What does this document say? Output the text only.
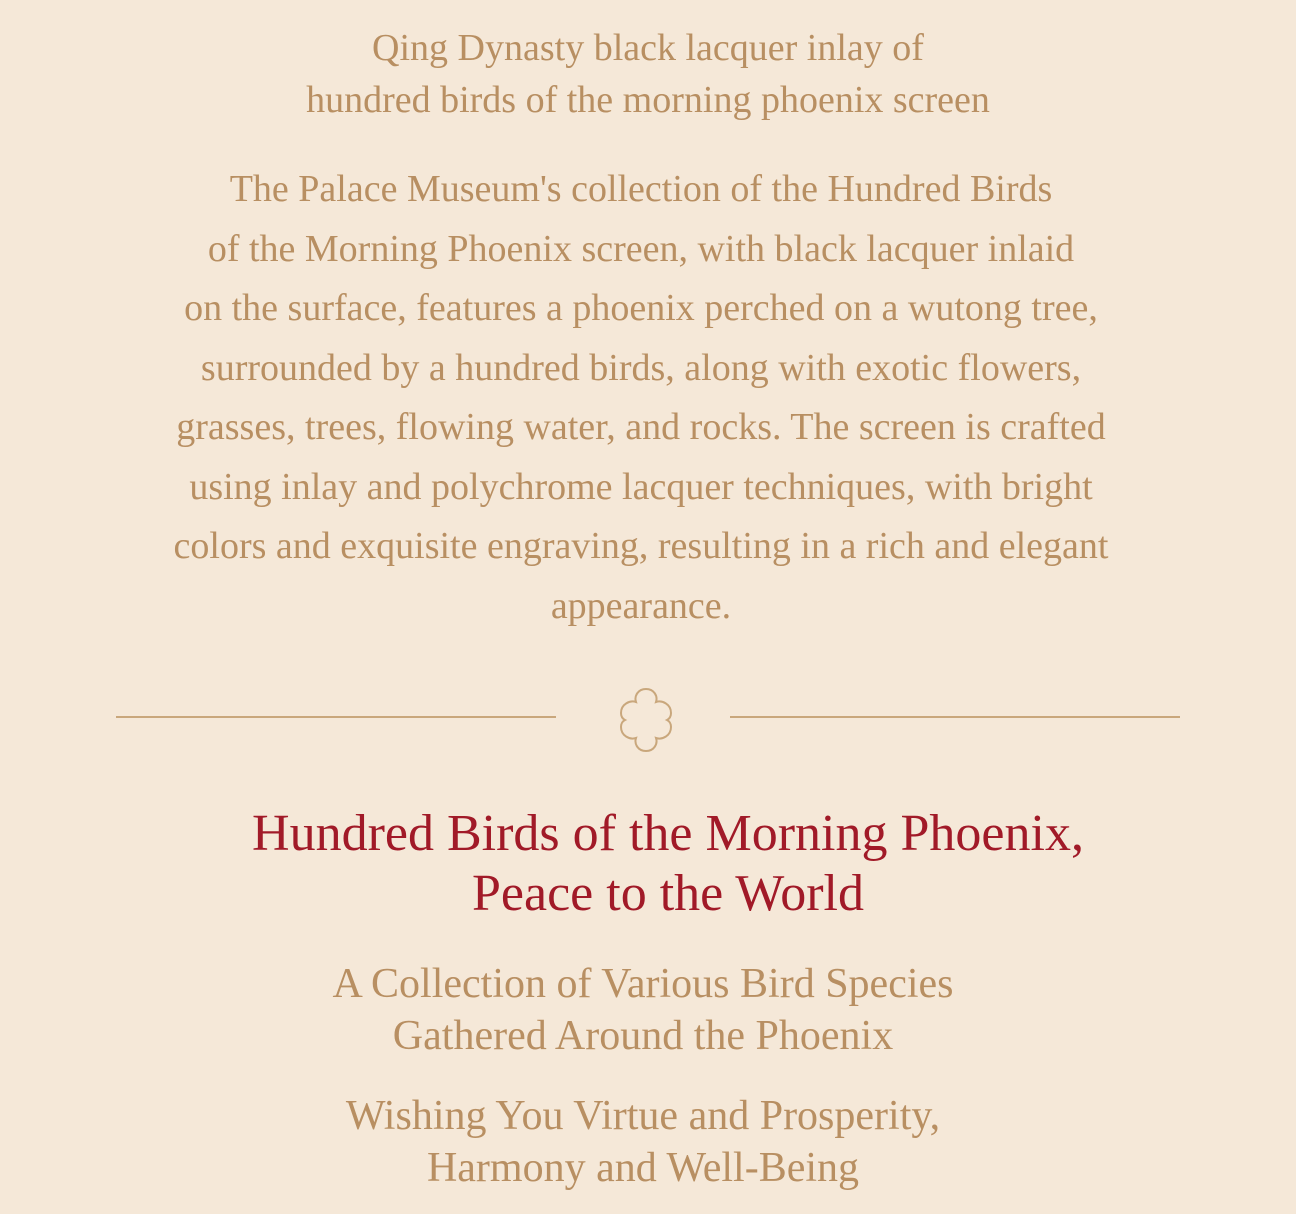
Qing Dynasty black lacquer inlay of
hundred birds of the morning phoenix screen

The Palace Museum's collection of the Hundred Birds
of the Morning Phoenix screen, with black lacquer inlaid
on the surface, features a phoenix perched on a wutong tree,
surrounded by a hundred birds, along with exotic flowers,
grasses, trees, flowing water, and rocks. The screen is crafted
using inlay and polychrome lacquer techniques, with bright
colors and exquisite engraving, resulting in a rich and elegant
appearance.

Hundred Birds of the Morning Phoenix,
Peace to the World

A Collection of Various Bird Species
Gathered Around the Phoenix

Wishing You Virtue and Prosperity,
Harmony and Well-Being
